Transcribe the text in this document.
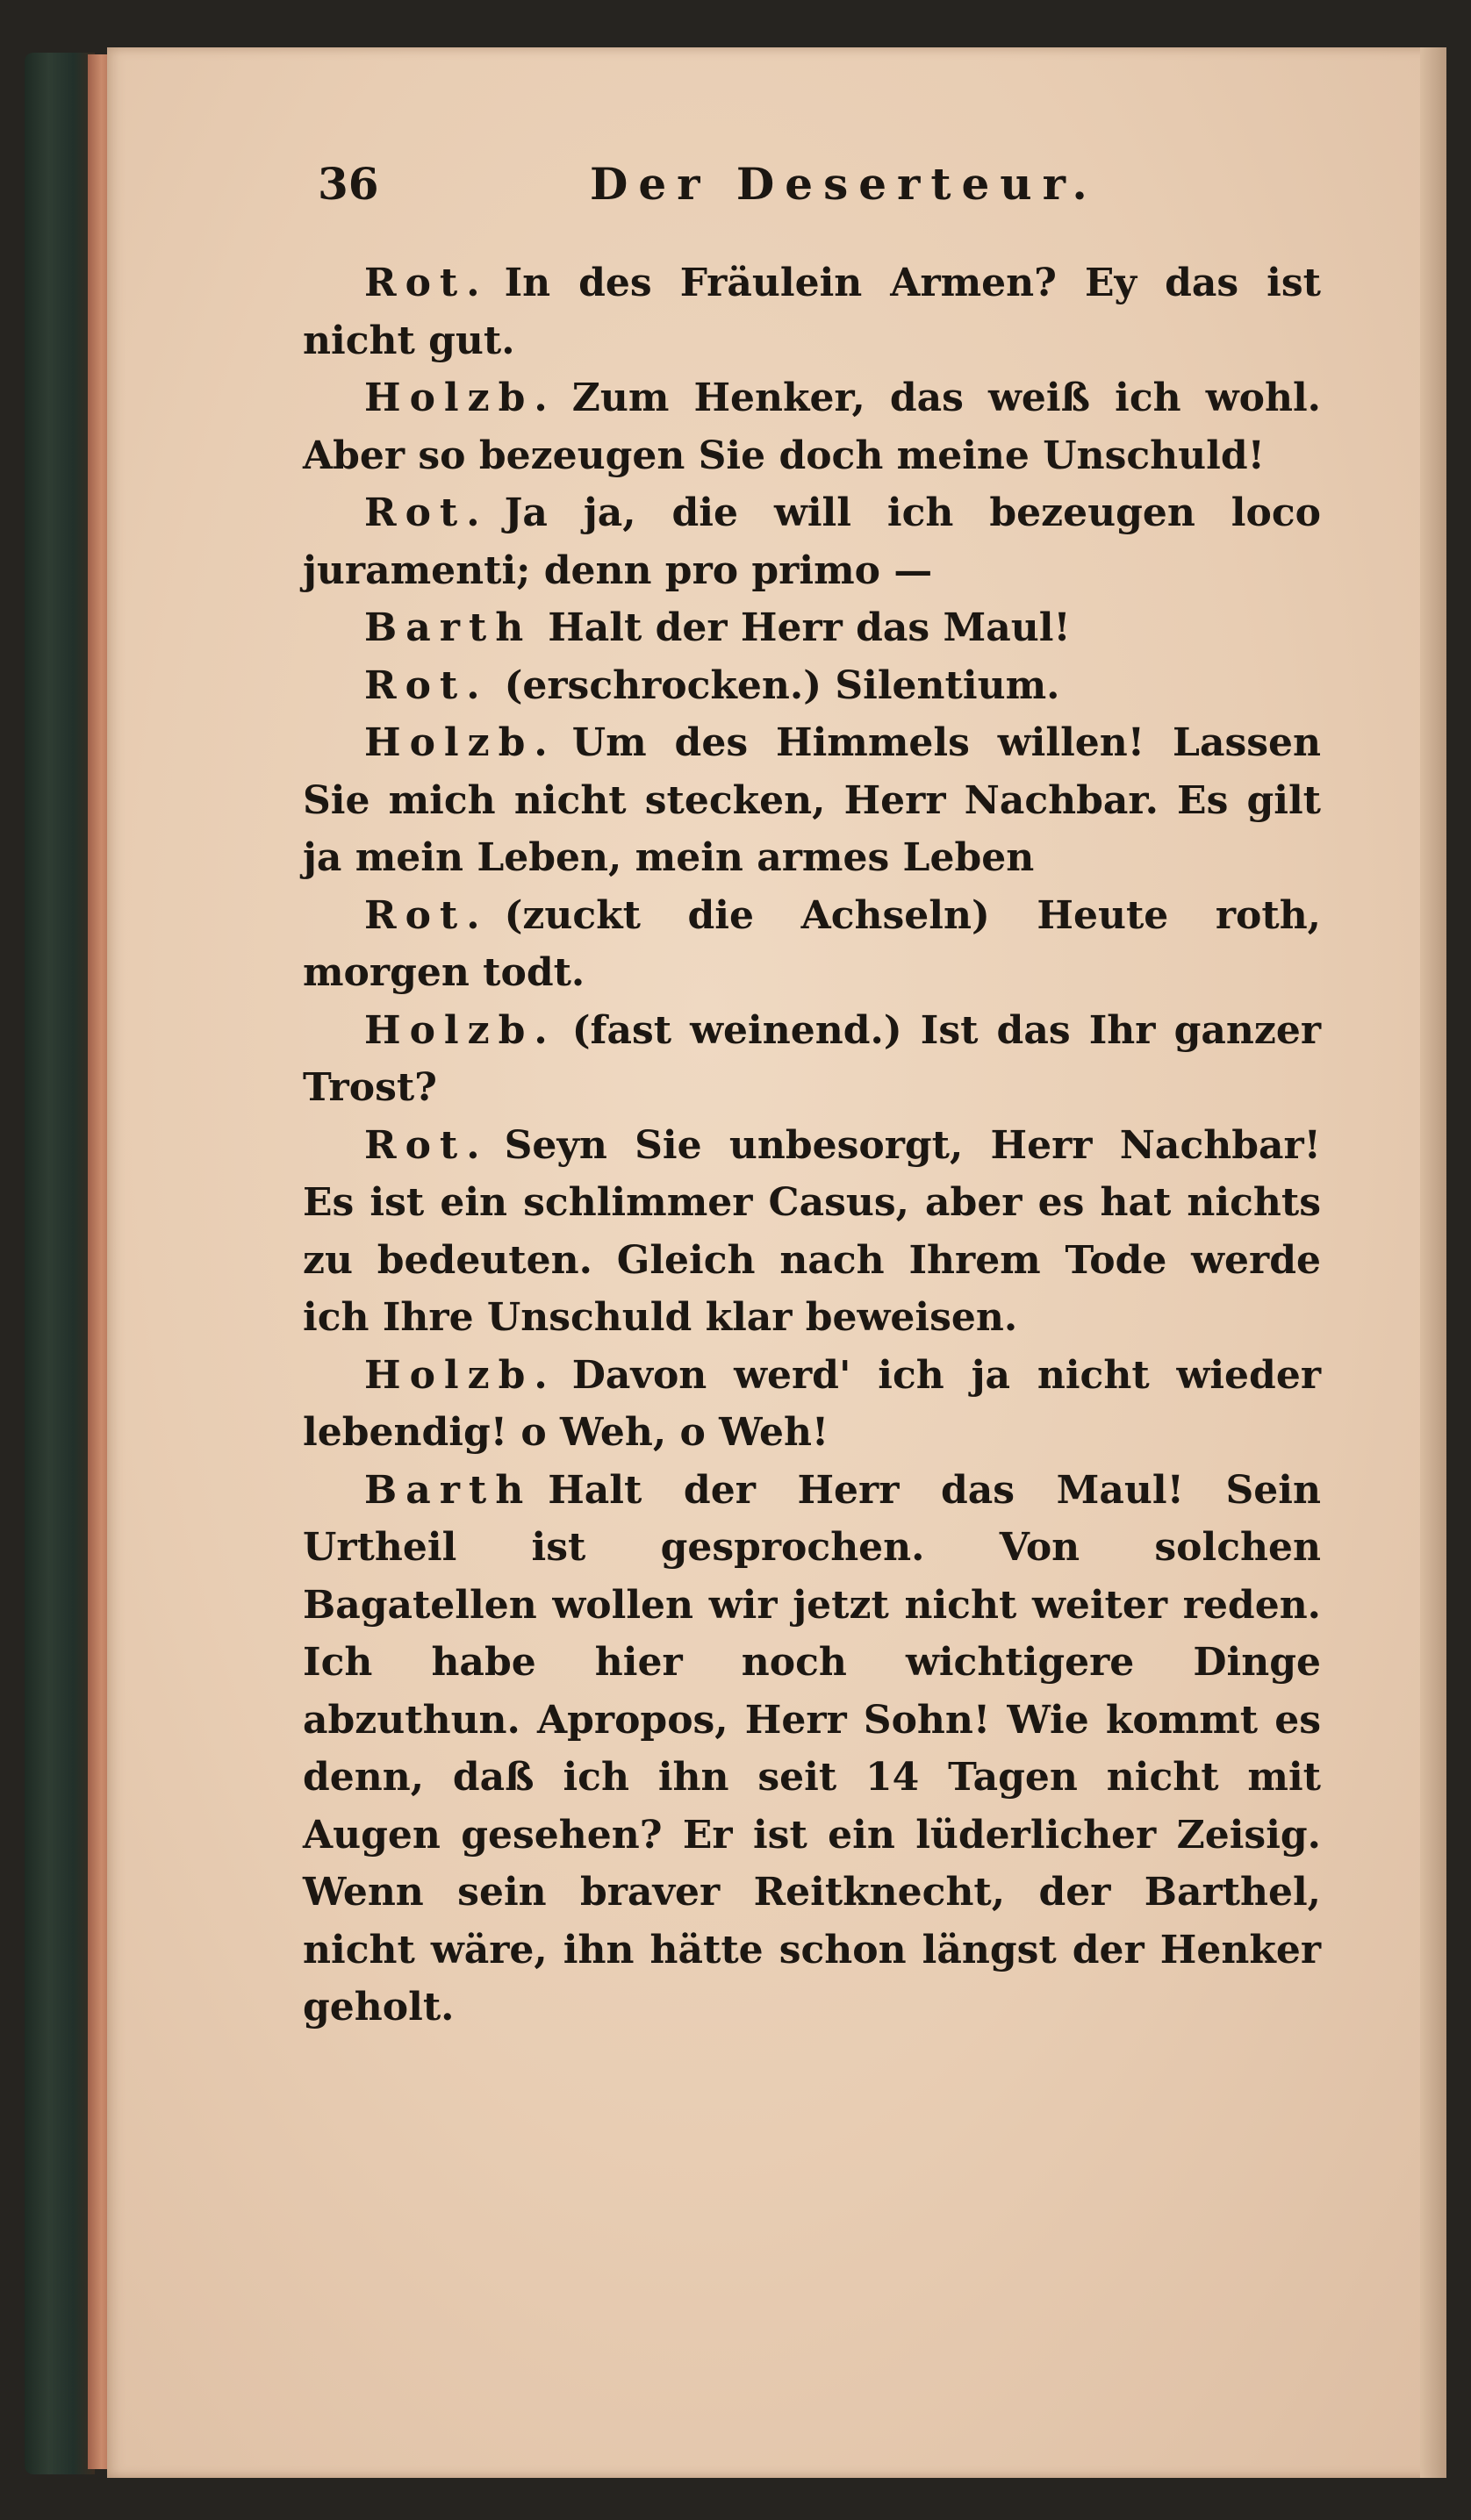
36	Der Deserteur.

Rot. In des Fräulein Armen? Ey das ist nicht gut.

Holzb. Zum Henker, das weiß ich wohl. Aber so bezeugen Sie doch meine Unschuld!

Rot. Ja ja, die will ich bezeugen loco juramenti; denn pro primo —

Barth Halt der Herr das Maul!

Rot. (erschrocken.) Silentium.

Holzb. Um des Himmels willen! Lassen Sie mich nicht stecken, Herr Nachbar. Es gilt ja mein Leben, mein armes Leben

Rot. (zuckt die Achseln) Heute roth, morgen todt.

Holzb. (fast weinend.) Ist das Ihr ganzer Trost?

Rot. Seyn Sie unbesorgt, Herr Nachbar! Es ist ein schlimmer Casus, aber es hat nichts zu bedeuten. Gleich nach Ihrem Tode werde ich Ihre Unschuld klar beweisen.

Holzb. Davon werd' ich ja nicht wieder lebendig! o Weh, o Weh!

Barth Halt der Herr das Maul! Sein Urtheil ist gesprochen. Von solchen Bagatellen wollen wir jetzt nicht weiter reden. Ich habe hier noch wichtigere Dinge abzuthun. Apropos, Herr Sohn! Wie kommt es denn, daß ich ihn seit 14 Tagen nicht mit Augen gesehen? Er ist ein lüderlicher Zeisig. Wenn sein braver Reitknecht, der Barthel, nicht wäre, ihn hätte schon längst der Henker geholt.
